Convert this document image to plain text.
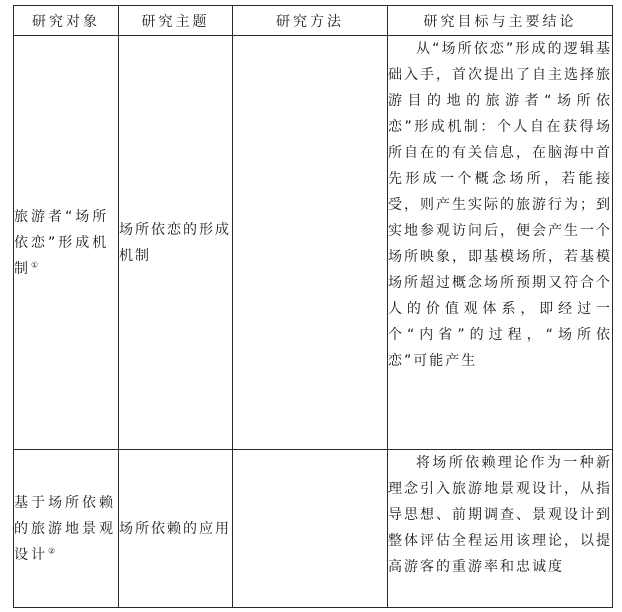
研究对象	研究主题	研究方法	研究目标与主要结论
旅游者“场所依恋”形成机制①	场所依恋的形成机制		从“场所依恋”形成的逻辑基础入手，首次提出了自主选择旅游目的地的旅游者“场所依恋”形成机制：个人自在获得场所自在的有关信息，在脑海中首先形成一个概念场所，若能接受，则产生实际的旅游行为；到实地参观访问后，便会产生一个场所映象，即基模场所，若基模场所超过概念场所预期又符合个人的价值观体系，即经过一个“内省”的过程，“场所依恋”可能产生
基于场所依赖的旅游地景观设计②	场所依赖的应用		将场所依赖理论作为一种新理念引入旅游地景观设计，从指导思想、前期调查、景观设计到整体评估全程运用该理论，以提高游客的重游率和忠诚度
